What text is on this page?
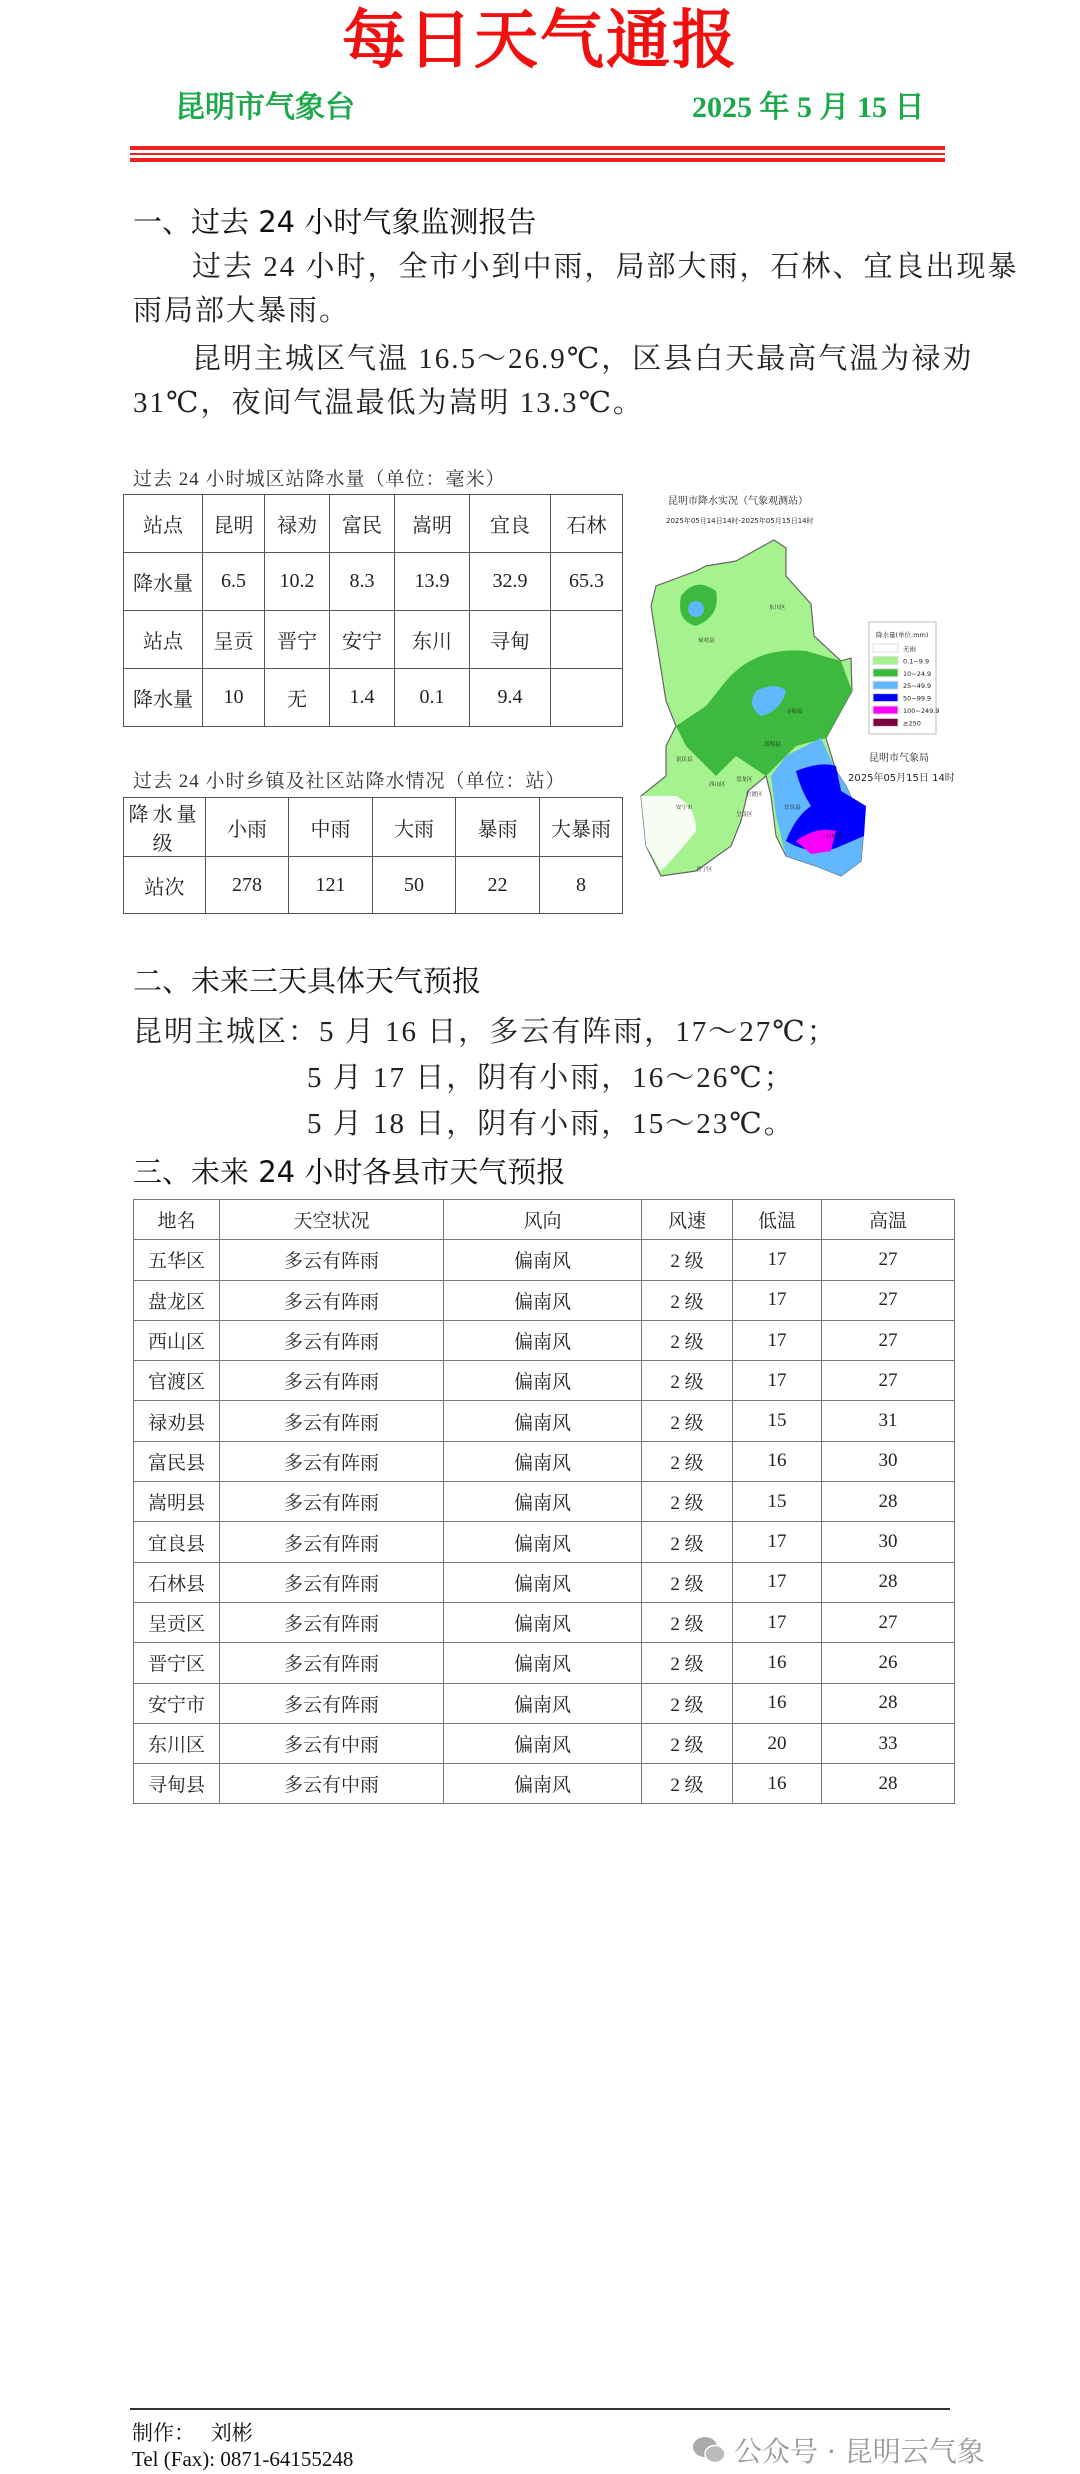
每日天气通报
昆明市气象台	2025 年 5 月 15 日
一、过去 24 小时气象监测报告
过去 24 小时，全市小到中雨，局部大雨，石林、宜良出现暴
雨局部大暴雨。
昆明主城区气温 16.5～26.9℃，区县白天最高气温为禄劝
31℃，夜间气温最低为嵩明 13.3℃。
过去 24 小时城区站降水量（单位：毫米）
站点	昆明	禄劝	富民	嵩明	宜良	石林
降水量	6.5	10.2	8.3	13.9	32.9	65.3
站点	呈贡	晋宁	安宁	东川	寻甸	
降水量	10	无	1.4	0.1	9.4	
过去 24 小时乡镇及社区站降水情况（单位：站）
降水量级	小雨	中雨	大雨	暴雨	大暴雨
站次	278	121	50	22	8
昆明市降水实况（气象观测站）
2025年05月14日14时-2025年05月15日14时
东川区
禄劝县
寻甸县
嵩明县
富民县
西山区
盘龙区
官渡区
安宁市
呈贡区
宜良县
石林县
晋宁区
降水量(单位:mm)
无雨
0.1~9.9
10~24.9
25~49.9
50~99.9
100~249.9
≥250
昆明市气象局
2025年05月15日 14时
二、未来三天具体天气预报
昆明主城区：5 月 16 日，多云有阵雨，17～27℃；
5 月 17 日，阴有小雨，16～26℃；
5 月 18 日，阴有小雨，15～23℃。
三、未来 24 小时各县市天气预报
地名	天空状况	风向	风速	低温	高温
五华区	多云有阵雨	偏南风	2 级	17	27
盘龙区	多云有阵雨	偏南风	2 级	17	27
西山区	多云有阵雨	偏南风	2 级	17	27
官渡区	多云有阵雨	偏南风	2 级	17	27
禄劝县	多云有阵雨	偏南风	2 级	15	31
富民县	多云有阵雨	偏南风	2 级	16	30
嵩明县	多云有阵雨	偏南风	2 级	15	28
宜良县	多云有阵雨	偏南风	2 级	17	30
石林县	多云有阵雨	偏南风	2 级	17	28
呈贡区	多云有阵雨	偏南风	2 级	17	27
晋宁区	多云有阵雨	偏南风	2 级	16	26
安宁市	多云有阵雨	偏南风	2 级	16	28
东川区	多云有中雨	偏南风	2 级	20	33
寻甸县	多云有中雨	偏南风	2 级	16	28
制作： 刘彬
Tel (Fax): 0871-64155248	公众号 · 昆明云气象
